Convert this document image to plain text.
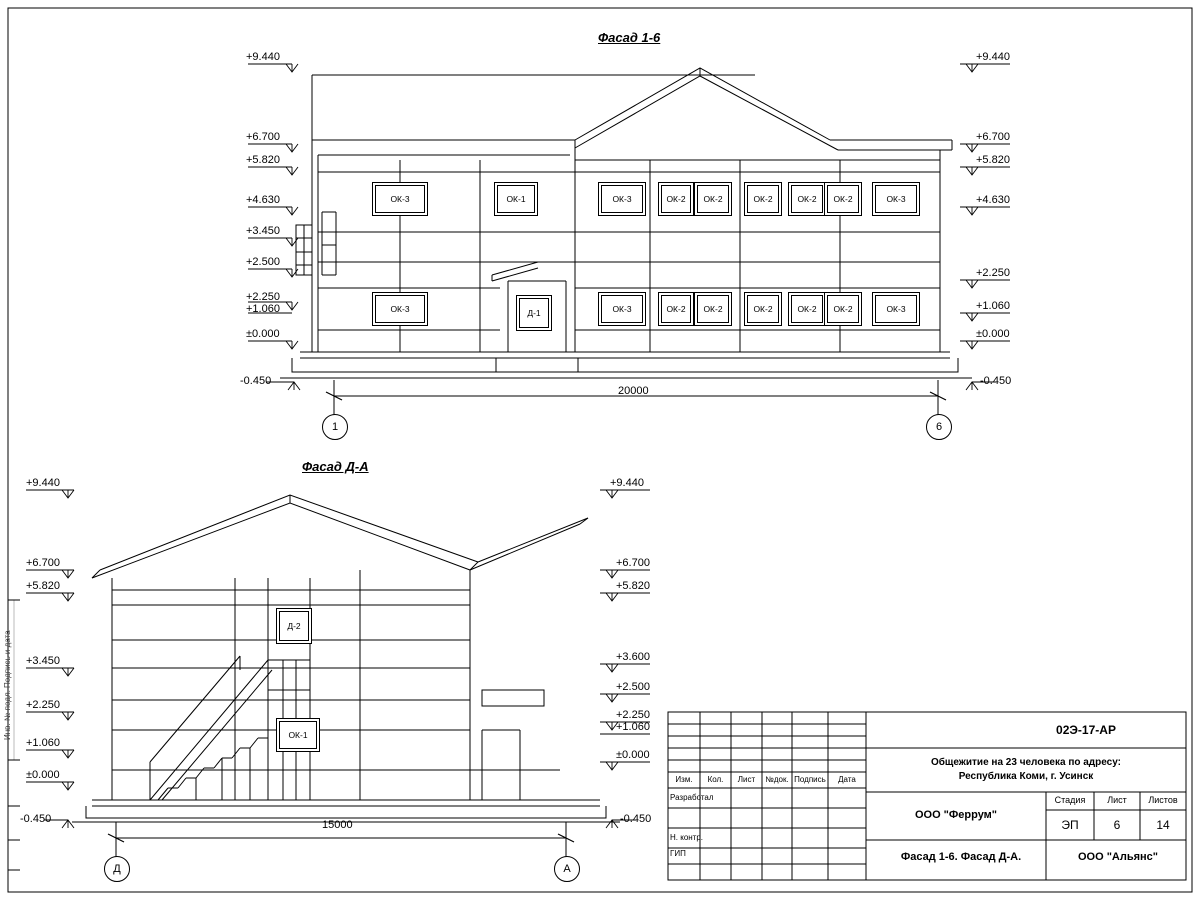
Фасад 1-6
+9.440
+6.700
+5.820
+4.630
+3.450
+2.500
+2.250
+1.060
±0.000
-0.450
+9.440
+6.700
+5.820
+4.630
+2.250
+1.060
±0.000
-0.450
ОК-3	ОК-1	ОК-3	ОК-2 ОК-2	ОК-2	ОК-2 ОК-2	ОК-3
ОК-3	ОК-3	ОК-2 ОК-2	ОК-2	ОК-2 ОК-2	ОК-3
Д-1
20000
1	6
Фасад Д-А
+9.440
+6.700
+5.820
+3.450
+2.250
+1.060
±0.000
-0.450
+9.440
+6.700
+5.820
+3.600
+2.500
+2.250
+1.060
±0.000
-0.450
Д-2
ОК-1
15000
Д	А
02Э-17-АР
Общежитие на 23 человека по адресу:
Республика Коми, г. Усинск
ООО "Феррум"
Фасад 1-6. Фасад Д-А.	ООО "Альянс"
Стадия	Лист	Листов
ЭП	6	14
Изм.	Кол.	Лист	№док. Подпись	Дата
Разработал
Н. контр.
ГИП
Инв. № подл. Подпись и дата
